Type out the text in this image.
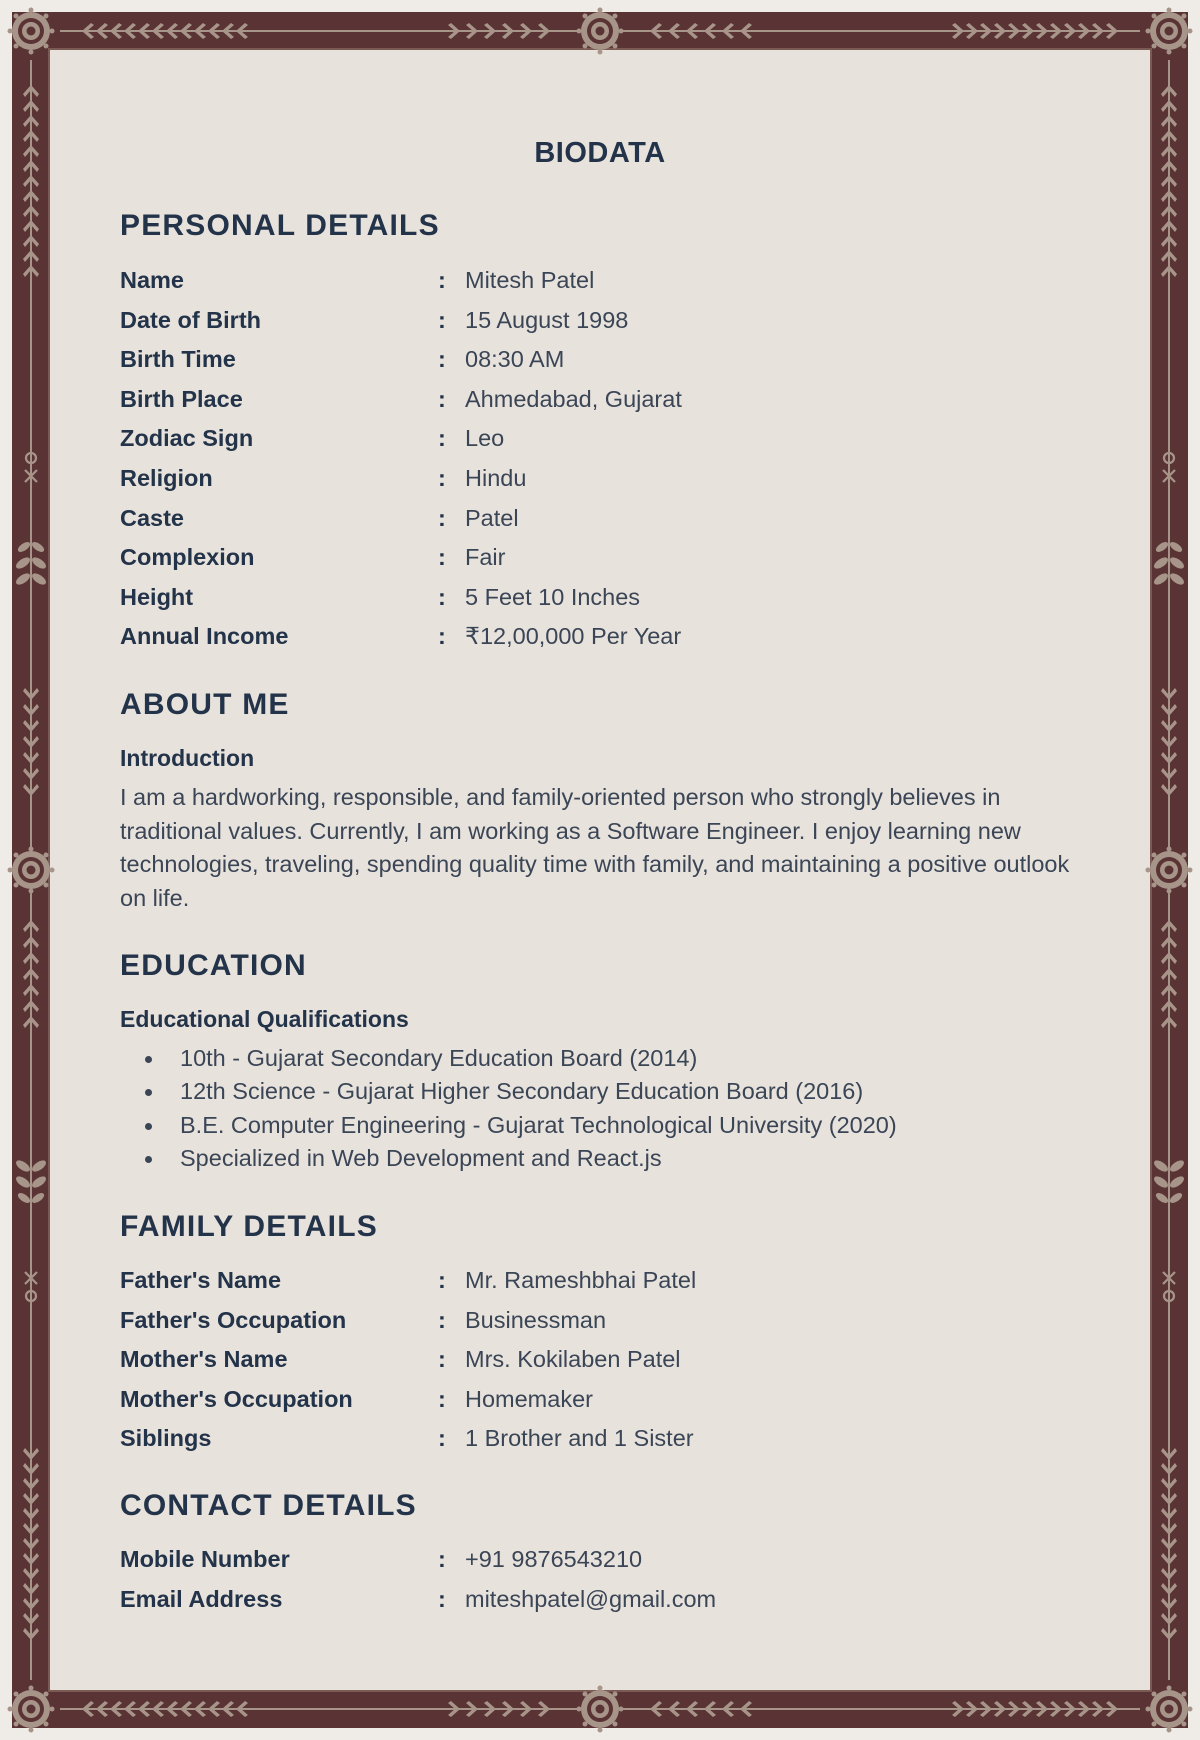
BIODATA
PERSONAL DETAILS
Name	: Mitesh Patel
Date of Birth	: 15 August 1998
Birth Time	: 08:30 AM
Birth Place	: Ahmedabad, Gujarat
Zodiac Sign	: Leo
Religion	: Hindu
Caste	: Patel
Complexion	: Fair
Height	: 5 Feet 10 Inches
Annual Income	: ₹12,00,000 Per Year
ABOUT ME
Introduction

I am a hardworking, responsible, and family-oriented person who strongly believes in traditional values. Currently, I am working as a Software Engineer. I enjoy learning new technologies, traveling, spending quality time with family, and maintaining a positive outlook on life.

EDUCATION
Educational Qualifications
10th - Gujarat Secondary Education Board (2014)
12th Science - Gujarat Higher Secondary Education Board (2016)
B.E. Computer Engineering - Gujarat Technological University (2020)
Specialized in Web Development and React.js
FAMILY DETAILS
Father's Name	: Mr. Rameshbhai Patel
Father's Occupation	: Businessman
Mother's Name	: Mrs. Kokilaben Patel
Mother's Occupation	: Homemaker
Siblings	: 1 Brother and 1 Sister
CONTACT DETAILS
Mobile Number	: +91 9876543210
Email Address	: miteshpatel@gmail.com
